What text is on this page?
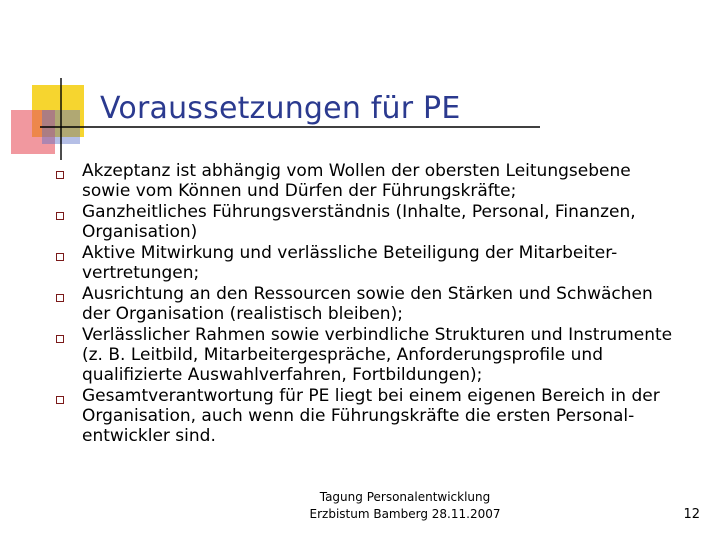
Voraussetzungen für PE
Akzeptanz ist abhängig vom Wollen der obersten Leitungsebene
sowie vom Können und Dürfen der Führungskräfte;
Ganzheitliches Führungsverständnis (Inhalte, Personal, Finanzen,
Organisation)
Aktive Mitwirkung und verlässliche Beteiligung der Mitarbeiter-
vertretungen;
Ausrichtung an den Ressourcen sowie den Stärken und Schwächen
der Organisation (realistisch bleiben);
Verlässlicher Rahmen sowie verbindliche Strukturen und Instrumente
(z. B. Leitbild, Mitarbeitergespräche, Anforderungsprofile und
qualifizierte Auswahlverfahren, Fortbildungen);
Gesamtverantwortung für PE liegt bei einem eigenen Bereich in der
Organisation, auch wenn die Führungskräfte die ersten Personal-
entwickler sind.
Tagung Personalentwicklung
Erzbistum Bamberg 28.11.2007	12
